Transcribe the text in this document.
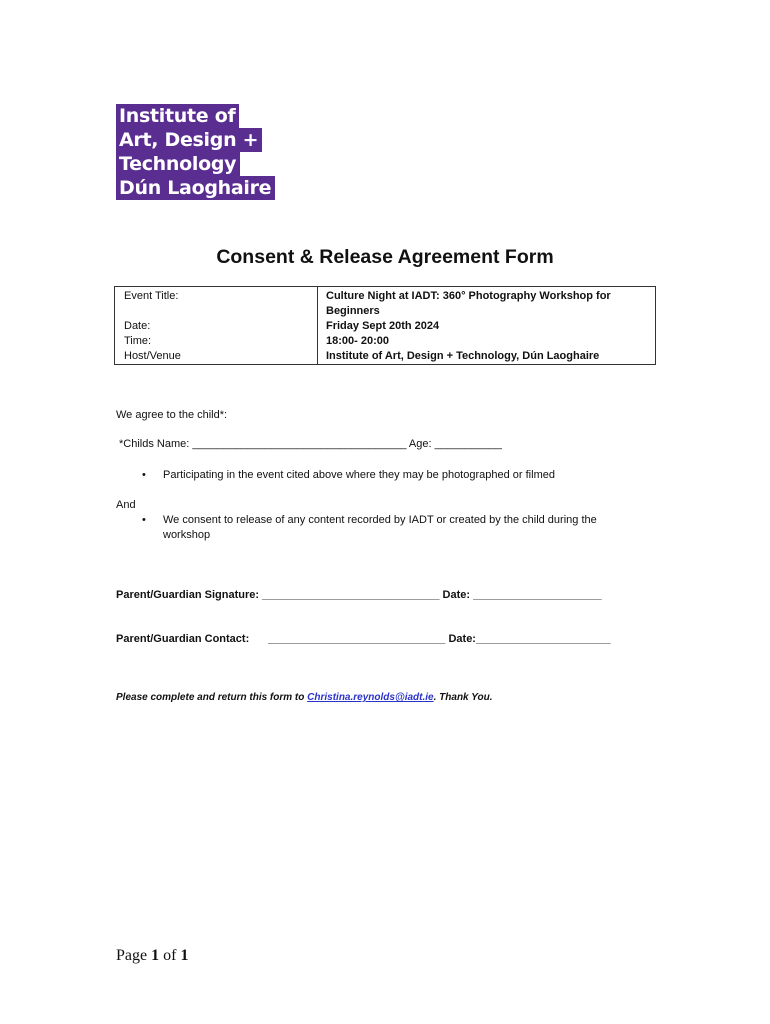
Institute of
Art, Design +
Technology
Dún Laoghaire
Consent & Release Agreement Form
Event Title:	Culture Night at IADT: 360° Photography Workshop for Beginners
Date:	Friday Sept 20th 2024
Time:	18:00- 20:00
Host/Venue	Institute of Art, Design + Technology, Dún Laoghaire
We agree to the child*:
*Childs Name: ___________________________________ Age: ___________
• Participating in the event cited above where they may be photographed or filmed
And
• We consent to release of any content recorded by IADT or created by the child during the
workshop
Parent/Guardian Signature: _____________________________ Date: _____________________
Parent/Guardian Contact: _____________________________ Date:______________________
Please complete and return this form to Christina.reynolds@iadt.ie. Thank You.
Page 1 of 1
